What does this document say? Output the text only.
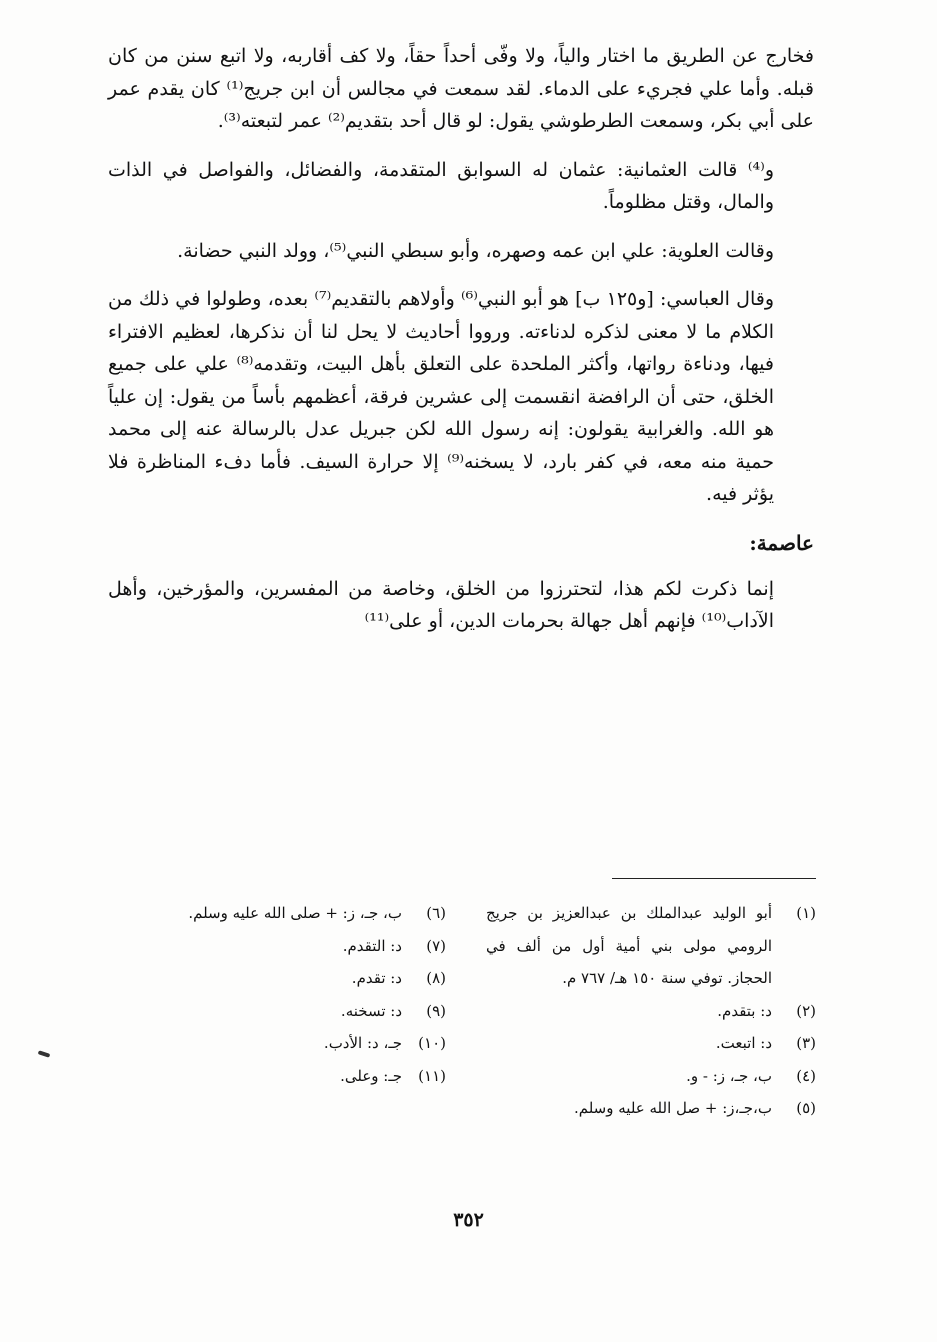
فخارج عن الطريق ما اختار والياً، ولا وفّى أحداً حقاً، ولا كف أقاربه، ولا اتبع سنن من كان قبله. وأما علي فجريء على الدماء. لقد سمعت في مجالس أن ابن جريج⁽¹⁾ كان يقدم عمر على أبي بكر، وسمعت الطرطوشي يقول: لو قال أحد بتقديم⁽²⁾ عمر لتبعته⁽³⁾.

و⁽⁴⁾ قالت العثمانية: عثمان له السوابق المتقدمة، والفضائل، والفواصل في الذات والمال، وقتل مظلوماً.

وقالت العلوية: علي ابن عمه وصهره، وأبو سبطي النبي⁽⁵⁾، وولد النبي حضانة.

وقال العباسي: [و١٢٥ ب] هو أبو النبي⁽⁶⁾ وأولاهم بالتقديم⁽⁷⁾ بعده، وطولوا في ذلك من الكلام ما لا معنى لذكره لدناءته. ورووا أحاديث لا يحل لنا أن نذكرها، لعظيم الافتراء فيها، ودناءة رواتها، وأكثر الملحدة على التعلق بأهل البيت، وتقدمه⁽⁸⁾ علي على جميع الخلق، حتى أن الرافضة انقسمت إلى عشرين فرقة، أعظمهم بأساً من يقول: إن علياً هو الله. والغرابية يقولون: إنه رسول الله لكن جبريل عدل بالرسالة عنه إلى محمد حمية منه معه، في كفر بارد، لا يسخنه⁽⁹⁾ إلا حرارة السيف. فأما دفء المناظرة فلا يؤثر فيه.

عاصمة:

إنما ذكرت لكم هذا، لتحترزوا من الخلق، وخاصة من المفسرين، والمؤرخين، وأهل الآداب⁽¹⁰⁾ فإنهم أهل جهالة بحرمات الدين، أو على⁽¹¹⁾

(١)
أبو الوليد عبدالملك بن عبدالعزيز بن جريج الرومي مولى بني أمية أول من ألف في الحجاز. توفي سنة ١٥٠ هـ/ ٧٦٧ م.
(٢)
د: بتقدم.
(٣)
د: اتبعت.
(٤)
ب، جـ، ز: - و.
(٥)
ب،جـ،ز: + صل الله عليه وسلم.
(٦)
ب، جـ، ز: + صلى الله عليه وسلم.
(٧)
د: التقدم.
(٨)
د: تقدم.
(٩)
د: تسخنه.
(١٠)
جـ، د: الأدب.
(١١)
جـ: وعلى.
٣٥٢
